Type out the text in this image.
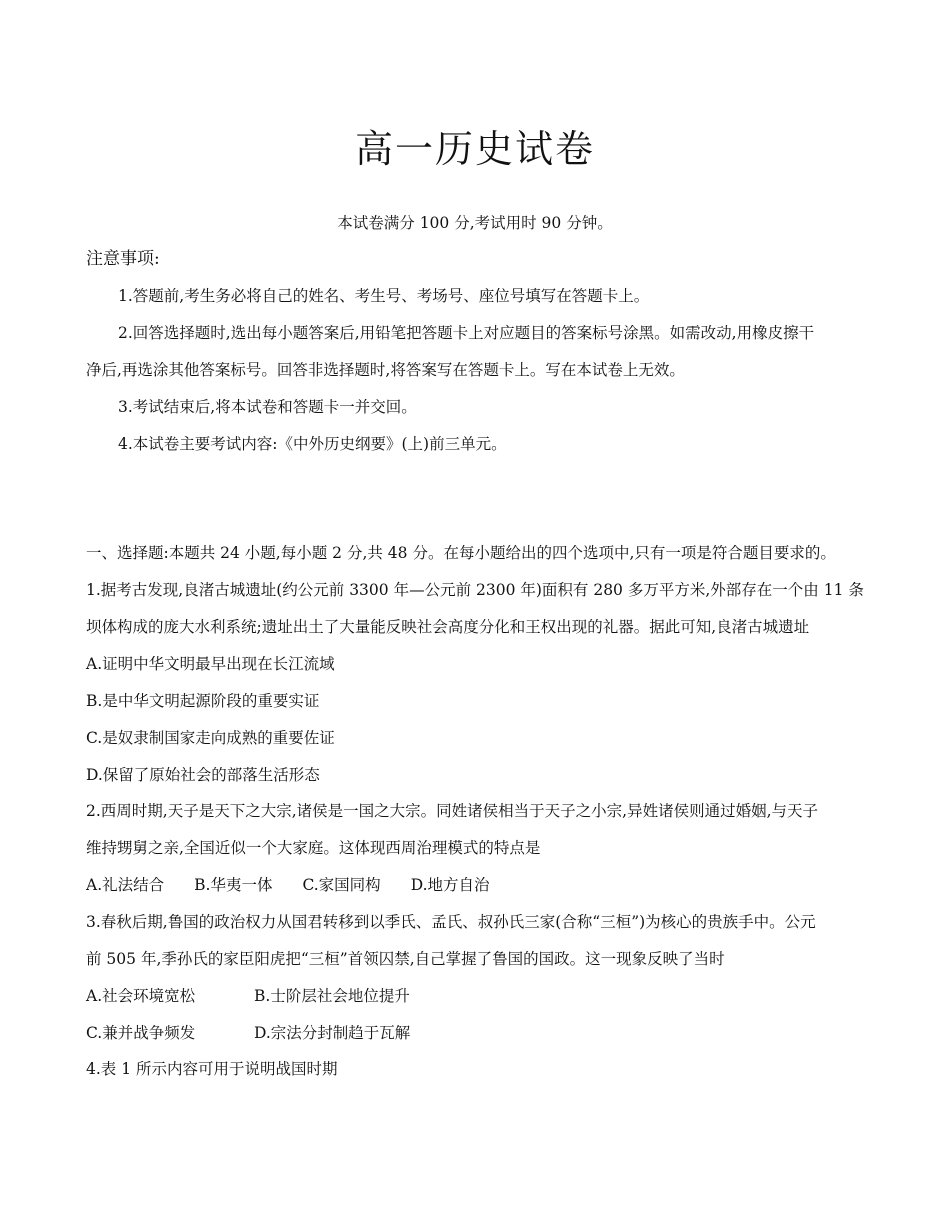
高一历史试卷
本试卷满分 100 分,考试用时 90 分钟。
注意事项:
1.答题前,考生务必将自己的姓名、考生号、考场号、座位号填写在答题卡上。
2.回答选择题时,选出每小题答案后,用铅笔把答题卡上对应题目的答案标号涂黑。如需改动,用橡皮擦干
净后,再选涂其他答案标号。回答非选择题时,将答案写在答题卡上。写在本试卷上无效。
3.考试结束后,将本试卷和答题卡一并交回。
4.本试卷主要考试内容:《中外历史纲要》(上)前三单元。
一、选择题:本题共 24 小题,每小题 2 分,共 48 分。在每小题给出的四个选项中,只有一项是符合题目要求的。
1.据考古发现,良渚古城遗址(约公元前 3300 年—公元前 2300 年)面积有 280 多万平方米,外部存在一个由 11 条
坝体构成的庞大水利系统;遗址出土了大量能反映社会高度分化和王权出现的礼器。据此可知,良渚古城遗址
A.证明中华文明最早出现在长江流域
B.是中华文明起源阶段的重要实证
C.是奴隶制国家走向成熟的重要佐证
D.保留了原始社会的部落生活形态
2.西周时期,天子是天下之大宗,诸侯是一国之大宗。同姓诸侯相当于天子之小宗,异姓诸侯则通过婚姻,与天子
维持甥舅之亲,全国近似一个大家庭。这体现西周治理模式的特点是
A.礼法结合 B.华夷一体 C.家国同构 D.地方自治
3.春秋后期,鲁国的政治权力从国君转移到以季氏、孟氏、叔孙氏三家(合称“三桓”)为核心的贵族手中。公元
前 505 年,季孙氏的家臣阳虎把“三桓”首领囚禁,自己掌握了鲁国的国政。这一现象反映了当时
A.社会环境宽松	B.士阶层社会地位提升
C.兼并战争频发	D.宗法分封制趋于瓦解
4.表 1 所示内容可用于说明战国时期
